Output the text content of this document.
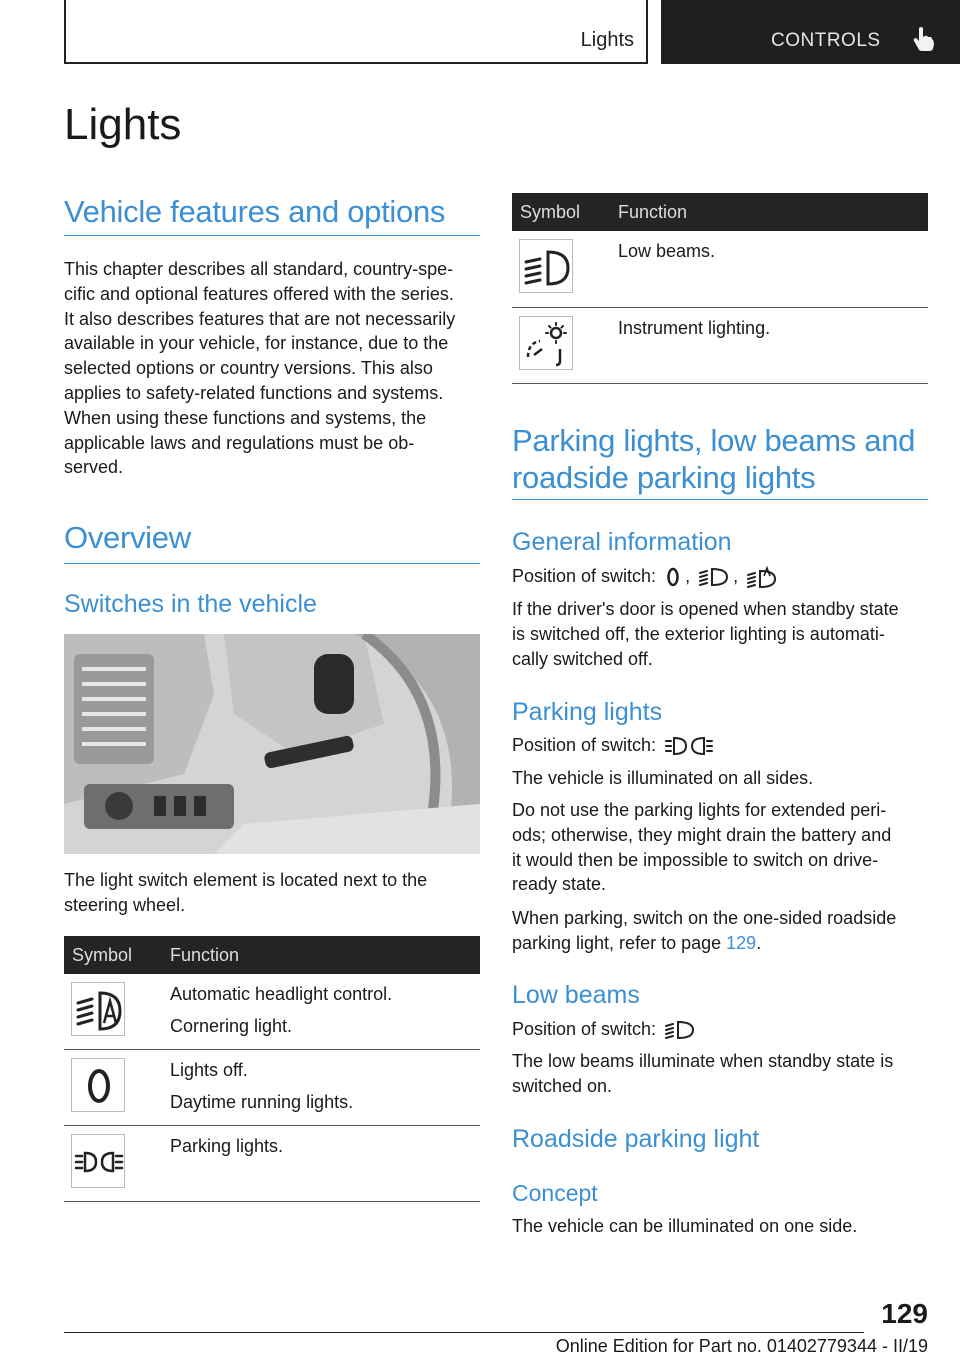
Lights	CONTROLS
Lights
Vehicle features and options
This chapter describes all standard, country-spe-
cific and optional features offered with the series.
It also describes features that are not necessarily
available in your vehicle, for instance, due to the
selected options or country versions. This also
applies to safety-related functions and systems.
When using these functions and systems, the
applicable laws and regulations must be ob-
served.
Overview
Switches in the vehicle
The light switch element is located next to the
steering wheel.
Symbol Function
Automatic headlight control.
Cornering light.
Lights off.
Daytime running lights.
Parking lights.
Symbol Function
Low beams.
Instrument lighting.
Parking lights, low beams and
roadside parking lights
General information
Position of switch: , ,
If the driver's door is opened when standby state
is switched off, the exterior lighting is automati-
cally switched off.
Parking lights
Position of switch:
The vehicle is illuminated on all sides.
Do not use the parking lights for extended peri-
ods; otherwise, they might drain the battery and
it would then be impossible to switch on drive-
ready state.
When parking, switch on the one-sided roadside
parking light, refer to page 129.
Low beams
Position of switch:
The low beams illuminate when standby state is
switched on.
Roadside parking light
Concept
The vehicle can be illuminated on one side.
129
Online Edition for Part no. 01402779344 - II/19
